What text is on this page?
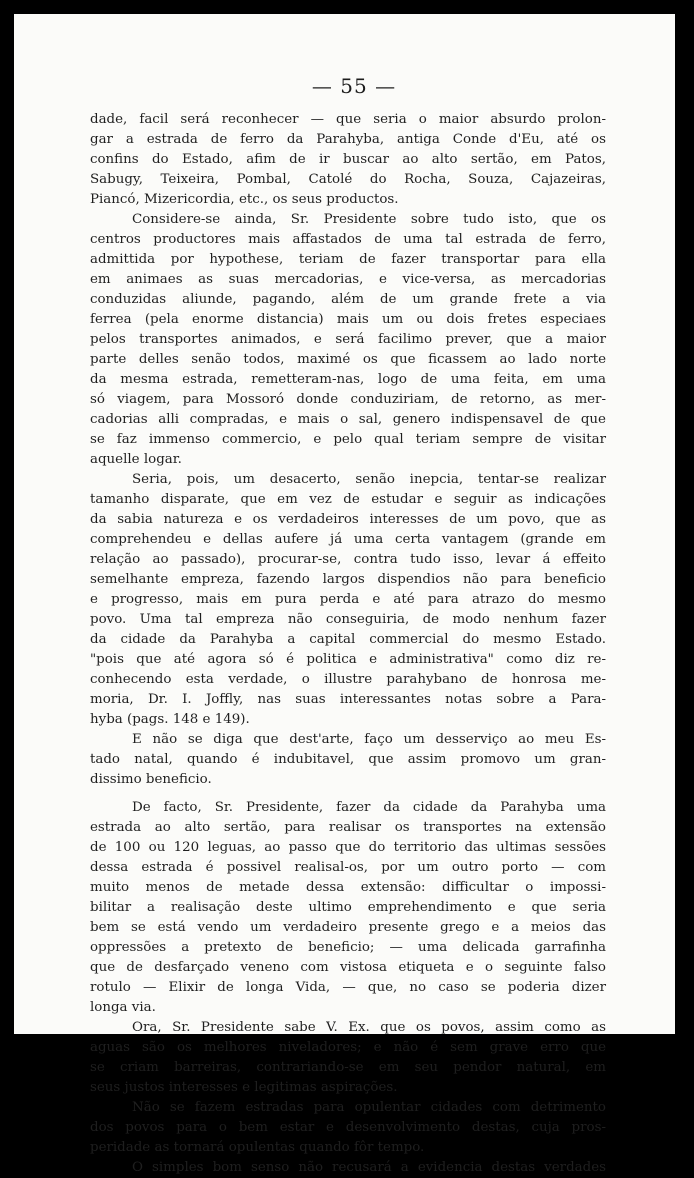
— 55 —
dade, facil será reconhecer — que seria o maior absurdo prolon-
gar a estrada de ferro da Parahyba, antiga Conde d'Eu, até os
confins do Estado, afim de ir buscar ao alto sertão, em Patos,
Sabugy, Teixeira, Pombal, Catolé do Rocha, Souza, Cajazeiras,
Piancó, Mizericordia, etc., os seus productos.
Considere-se ainda, Sr. Presidente sobre tudo isto, que os
centros productores mais affastados de uma tal estrada de ferro,
admittida por hypothese, teriam de fazer transportar para ella
em animaes as suas mercadorias, e vice-versa, as mercadorias
conduzidas aliunde, pagando, além de um grande frete a via
ferrea (pela enorme distancia) mais um ou dois fretes especiaes
pelos transportes animados, e será facilimo prever, que a maior
parte delles senão todos, maximé os que ficassem ao lado norte
da mesma estrada, remetteram-nas, logo de uma feita, em uma
só viagem, para Mossoró donde conduziriam, de retorno, as mer-
cadorias alli compradas, e mais o sal, genero indispensavel de que
se faz immenso commercio, e pelo qual teriam sempre de visitar
aquelle logar.
Seria, pois, um desacerto, senão inepcia, tentar-se realizar
tamanho disparate, que em vez de estudar e seguir as indicações
da sabia natureza e os verdadeiros interesses de um povo, que as
comprehendeu e dellas aufere já uma certa vantagem (grande em
relação ao passado), procurar-se, contra tudo isso, levar á effeito
semelhante empreza, fazendo largos dispendios não para beneficio
e progresso, mais em pura perda e até para atrazo do mesmo
povo. Uma tal empreza não conseguiria, de modo nenhum fazer
da cidade da Parahyba a capital commercial do mesmo Estado.
"pois que até agora só é politica e administrativa" como diz re-
conhecendo esta verdade, o illustre parahybano de honrosa me-
moria, Dr. I. Joffly, nas suas interessantes notas sobre a Para-
hyba (pags. 148 e 149).
E não se diga que dest'arte, faço um desserviço ao meu Es-
tado natal, quando é indubitavel, que assim promovo um gran-
dissimo beneficio.
De facto, Sr. Presidente, fazer da cidade da Parahyba uma
estrada ao alto sertão, para realisar os transportes na extensão
de 100 ou 120 leguas, ao passo que do territorio das ultimas sessões
dessa estrada é possivel realisal-os, por um outro porto — com
muito menos de metade dessa extensão: difficultar o impossi-
bilitar a realisação deste ultimo emprehendimento e que seria
bem se está vendo um verdadeiro presente grego e a meios das
oppressões a pretexto de beneficio; — uma delicada garrafinha
que de desfarçado veneno com vistosa etiqueta e o seguinte falso
rotulo — Elixir de longa Vida, — que, no caso se poderia dizer
longa via.
Ora, Sr. Presidente sabe V. Ex. que os povos, assim como as
aguas são os melhores niveladores; e não é sem grave erro que
se criam barreiras, contrariando-se em seu pendor natural, em
seus justos interesses e legitimas aspirações.
Não se fazem estradas para opulentar cidades com detrimento
dos povos para o bem estar e desenvolvimento destas, cuja pros-
peridade as tornará opulentas quando fôr tempo.
O simples bom senso não recusará a evidencia destas verdades
